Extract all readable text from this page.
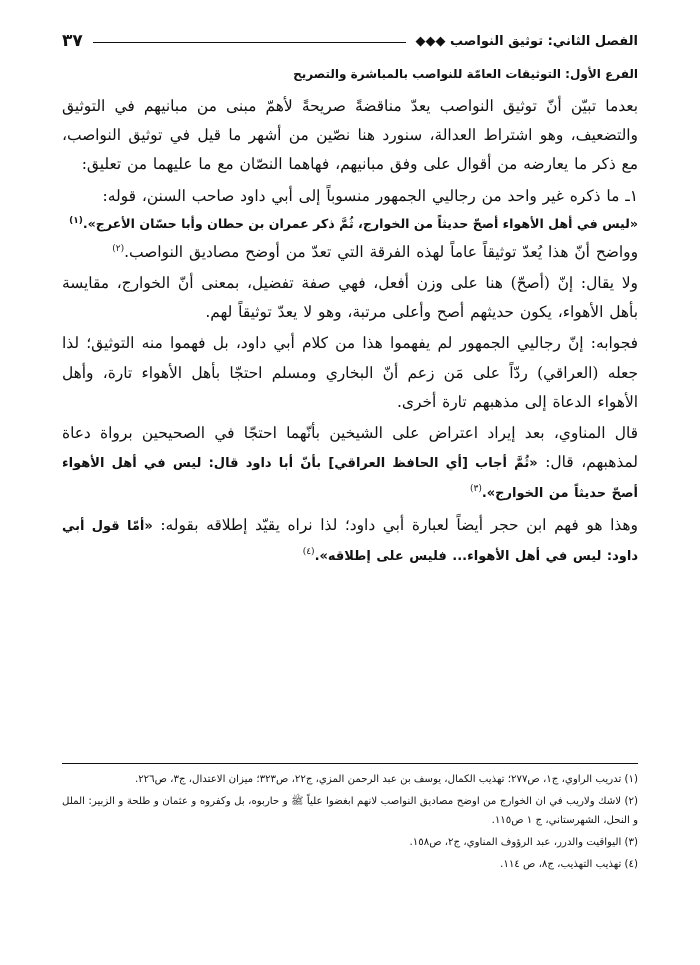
الفصل الثاني: توثيق النواصب ◆◆◆
٣٧
الفرع الأول: التوثيقات العامّة للنواصب بالمباشرة والتصريح

بعدما تبيّن أنّ توثيق النواصب يعدّ مناقضةً صريحةً لأهمّ مبنى من مبانيهم في التوثيق والتضعيف، وهو اشتراط العدالة، سنورد هنا نصّين من أشهر ما قيل في توثيق النواصب، مع ذكر ما يعارضه من أقوال على وفق مبانيهم، فهاهما النصّان مع ما عليهما من تعليق:

١ـ ما ذكره غير واحد من رجاليي الجمهور منسوباً إلى أبي داود صاحب السنن، قوله:

«ليس في أهل الأهواء أصحّ حديثاً من الخوارج، ثُمَّ ذكر عمران بن حطان وأبا حسّان الأعرج».$^{(١)}$

وواضح أنّ هذا يُعدّ توثيقاً عاماً لهذه الفرقة التي تعدّ من أوضح مصاديق النواصب.$^{(٢)}$

ولا يقال: إنّ (أصحّ) هنا على وزن أفعل، فهي صفة تفضيل، بمعنى أنّ الخوارج، مقايسة بأهل الأهواء، يكون حديثهم أصح وأعلى مرتبة، وهو لا يعدّ توثيقاً لهم.

فجوابه: إنّ رجاليي الجمهور لم يفهموا هذا من كلام أبي داود، بل فهموا منه التوثيق؛ لذا جعله (العراقي) ردّاً على مَن زعم أنّ البخاري ومسلم احتجّا بأهل الأهواء تارة، وأهل الأهواء الدعاة إلى مذهبهم تارة أخرى.

قال المناوي، بعد إيراد اعتراض على الشيخين بأنّهما احتجّا في الصحيحين برواة دعاة لمذهبهم، قال: «ثُمَّ أجاب [أي الحافظ العراقي] بأنّ أبا داود قال: ليس في أهل الأهواء أصحّ حديثاً من الخوارج».$^{(٣)}$

وهذا هو فهم ابن حجر أيضاً لعبارة أبي داود؛ لذا نراه يقيّد إطلاقه بقوله: «أمّا قول أبي داود: ليس في أهل الأهواء... فليس على إطلاقه».$^{(٤)}$

(١) تدريب الراوي، ج١، ص٢٧٧؛ تهذيب الكمال، يوسف بن عبد الرحمن المزي، ج٢٢، ص٣٢٣؛ ميزان الاعتدال، ج٣، ص٢٢٦.

(٢) لاشك ولاريب في ان الخوارج من اوضح مصاديق النواصب لانهم ابغضوا علياً ﷺ و حاربوه، بل وكفروه و عثمان و طلحة و الزبير: الملل و النحل، الشهرستاني، ج ١ ص١١٥.

(٣) اليواقيت والدرر، عبد الرؤوف المناوي، ج٢، ص١٥٨.

(٤) تهذيب التهذيب، ج٨، ص ١١٤.
